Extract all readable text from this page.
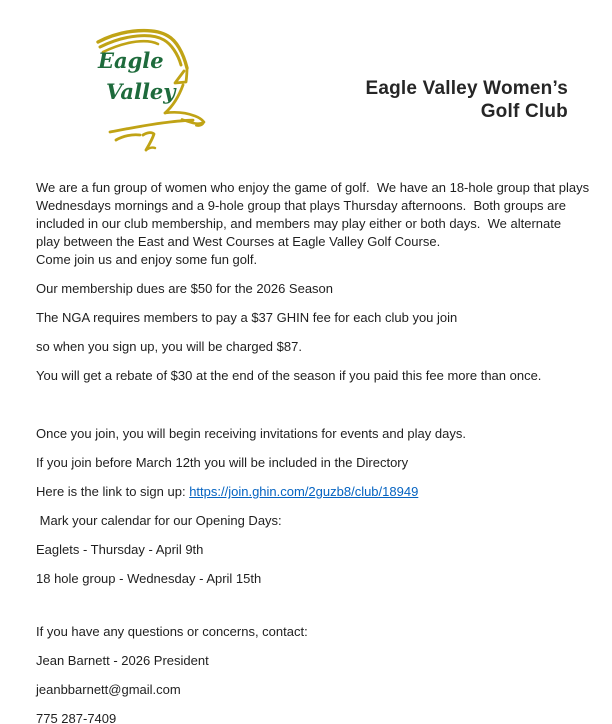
Eagle
Valley	Eagle Valley Women’s
Golf Club
We are a fun group of women who enjoy the game of golf.  We have an 18-hole group that plays
Wednesdays mornings and a 9-hole group that plays Thursday afternoons.  Both groups are
included in our club membership, and members may play either or both days.  We alternate
play between the East and West Courses at Eagle Valley Golf Course.
Come join us and enjoy some fun golf.

Our membership dues are $50 for the 2026 Season

The NGA requires members to pay a $37 GHIN fee for each club you join

so when you sign up, you will be charged $87.

You will get a rebate of $30 at the end of the season if you paid this fee more than once.

Once you join, you will begin receiving invitations for events and play days.

If you join before March 12th you will be included in the Directory

Here is the link to sign up: https://join.ghin.com/2guzb8/club/18949

Mark your calendar for our Opening Days:

Eaglets - Thursday - April 9th

18 hole group - Wednesday - April 15th

If you have any questions or concerns, contact:

Jean Barnett - 2026 President

jeanbbarnett@gmail.com

775 287-7409
